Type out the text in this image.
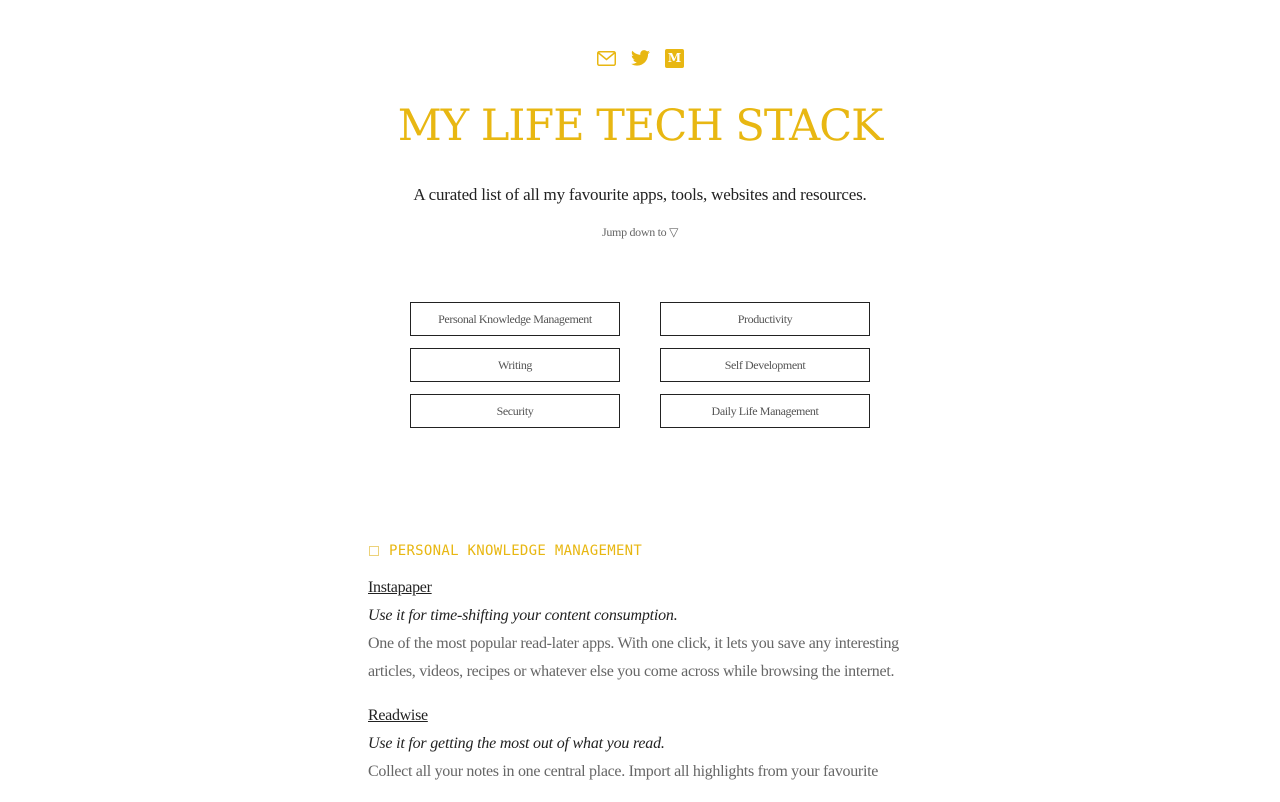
M
MY LIFE TECH STACK

A curated list of all my favourite apps, tools, websites and resources.

Jump down to ▽

Personal Knowledge Management	Productivity
Writing	Self Development
Security	Daily Life Management
PERSONAL KNOWLEDGE MANAGEMENT
Instapaper
Use it for time-shifting your content consumption.
One of the most popular read-later apps. With one click, it lets you save any interesting articles, videos, recipes or whatever else you come across while browsing the internet.
Readwise
Use it for getting the most out of what you read.
Collect all your notes in one central place. Import all highlights from your favourite
